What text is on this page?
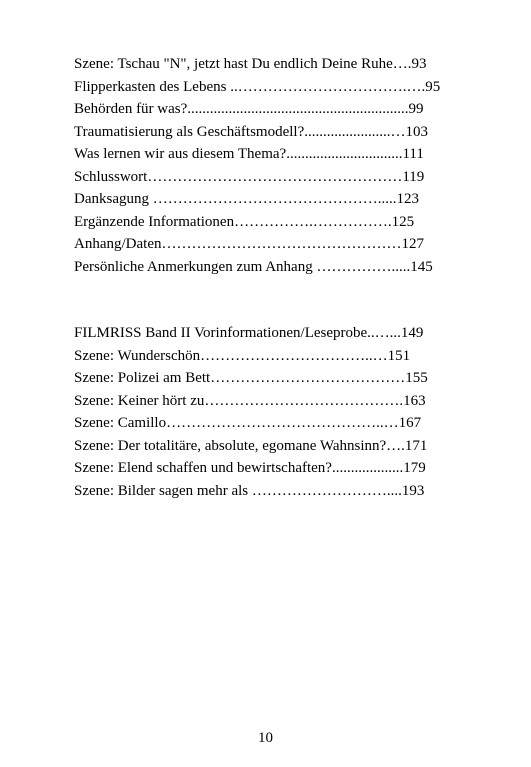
Szene: Tschau "N", jetzt hast Du endlich Deine Ruhe….93
Flipperkasten des Lebens ..…………………………….….95
Behörden für was?...........................................................99
Traumatisierung als Geschäftsmodell?.......................…103
Was lernen wir aus diesem Thema?...............................111
Schlusswort……………………………………………119
Danksagung ……………………………………….....123
Ergänzende Informationen…………….…………….125
Anhang/Daten…………………………………………127
Persönliche Anmerkungen zum Anhang …………….....145
FILMRISS Band II Vorinformationen/Leseprobe..…...149
Szene: Wunderschön……………………………..…151
Szene: Polizei am Bett…………………………………155
Szene: Keiner hört zu………………………………….163
Szene: Camillo……………………………………..…167
Szene: Der totalitäre, absolute, egomane Wahnsinn?….171
Szene: Elend schaffen und bewirtschaften?...................179
Szene: Bilder sagen mehr als ………………………....193
10
